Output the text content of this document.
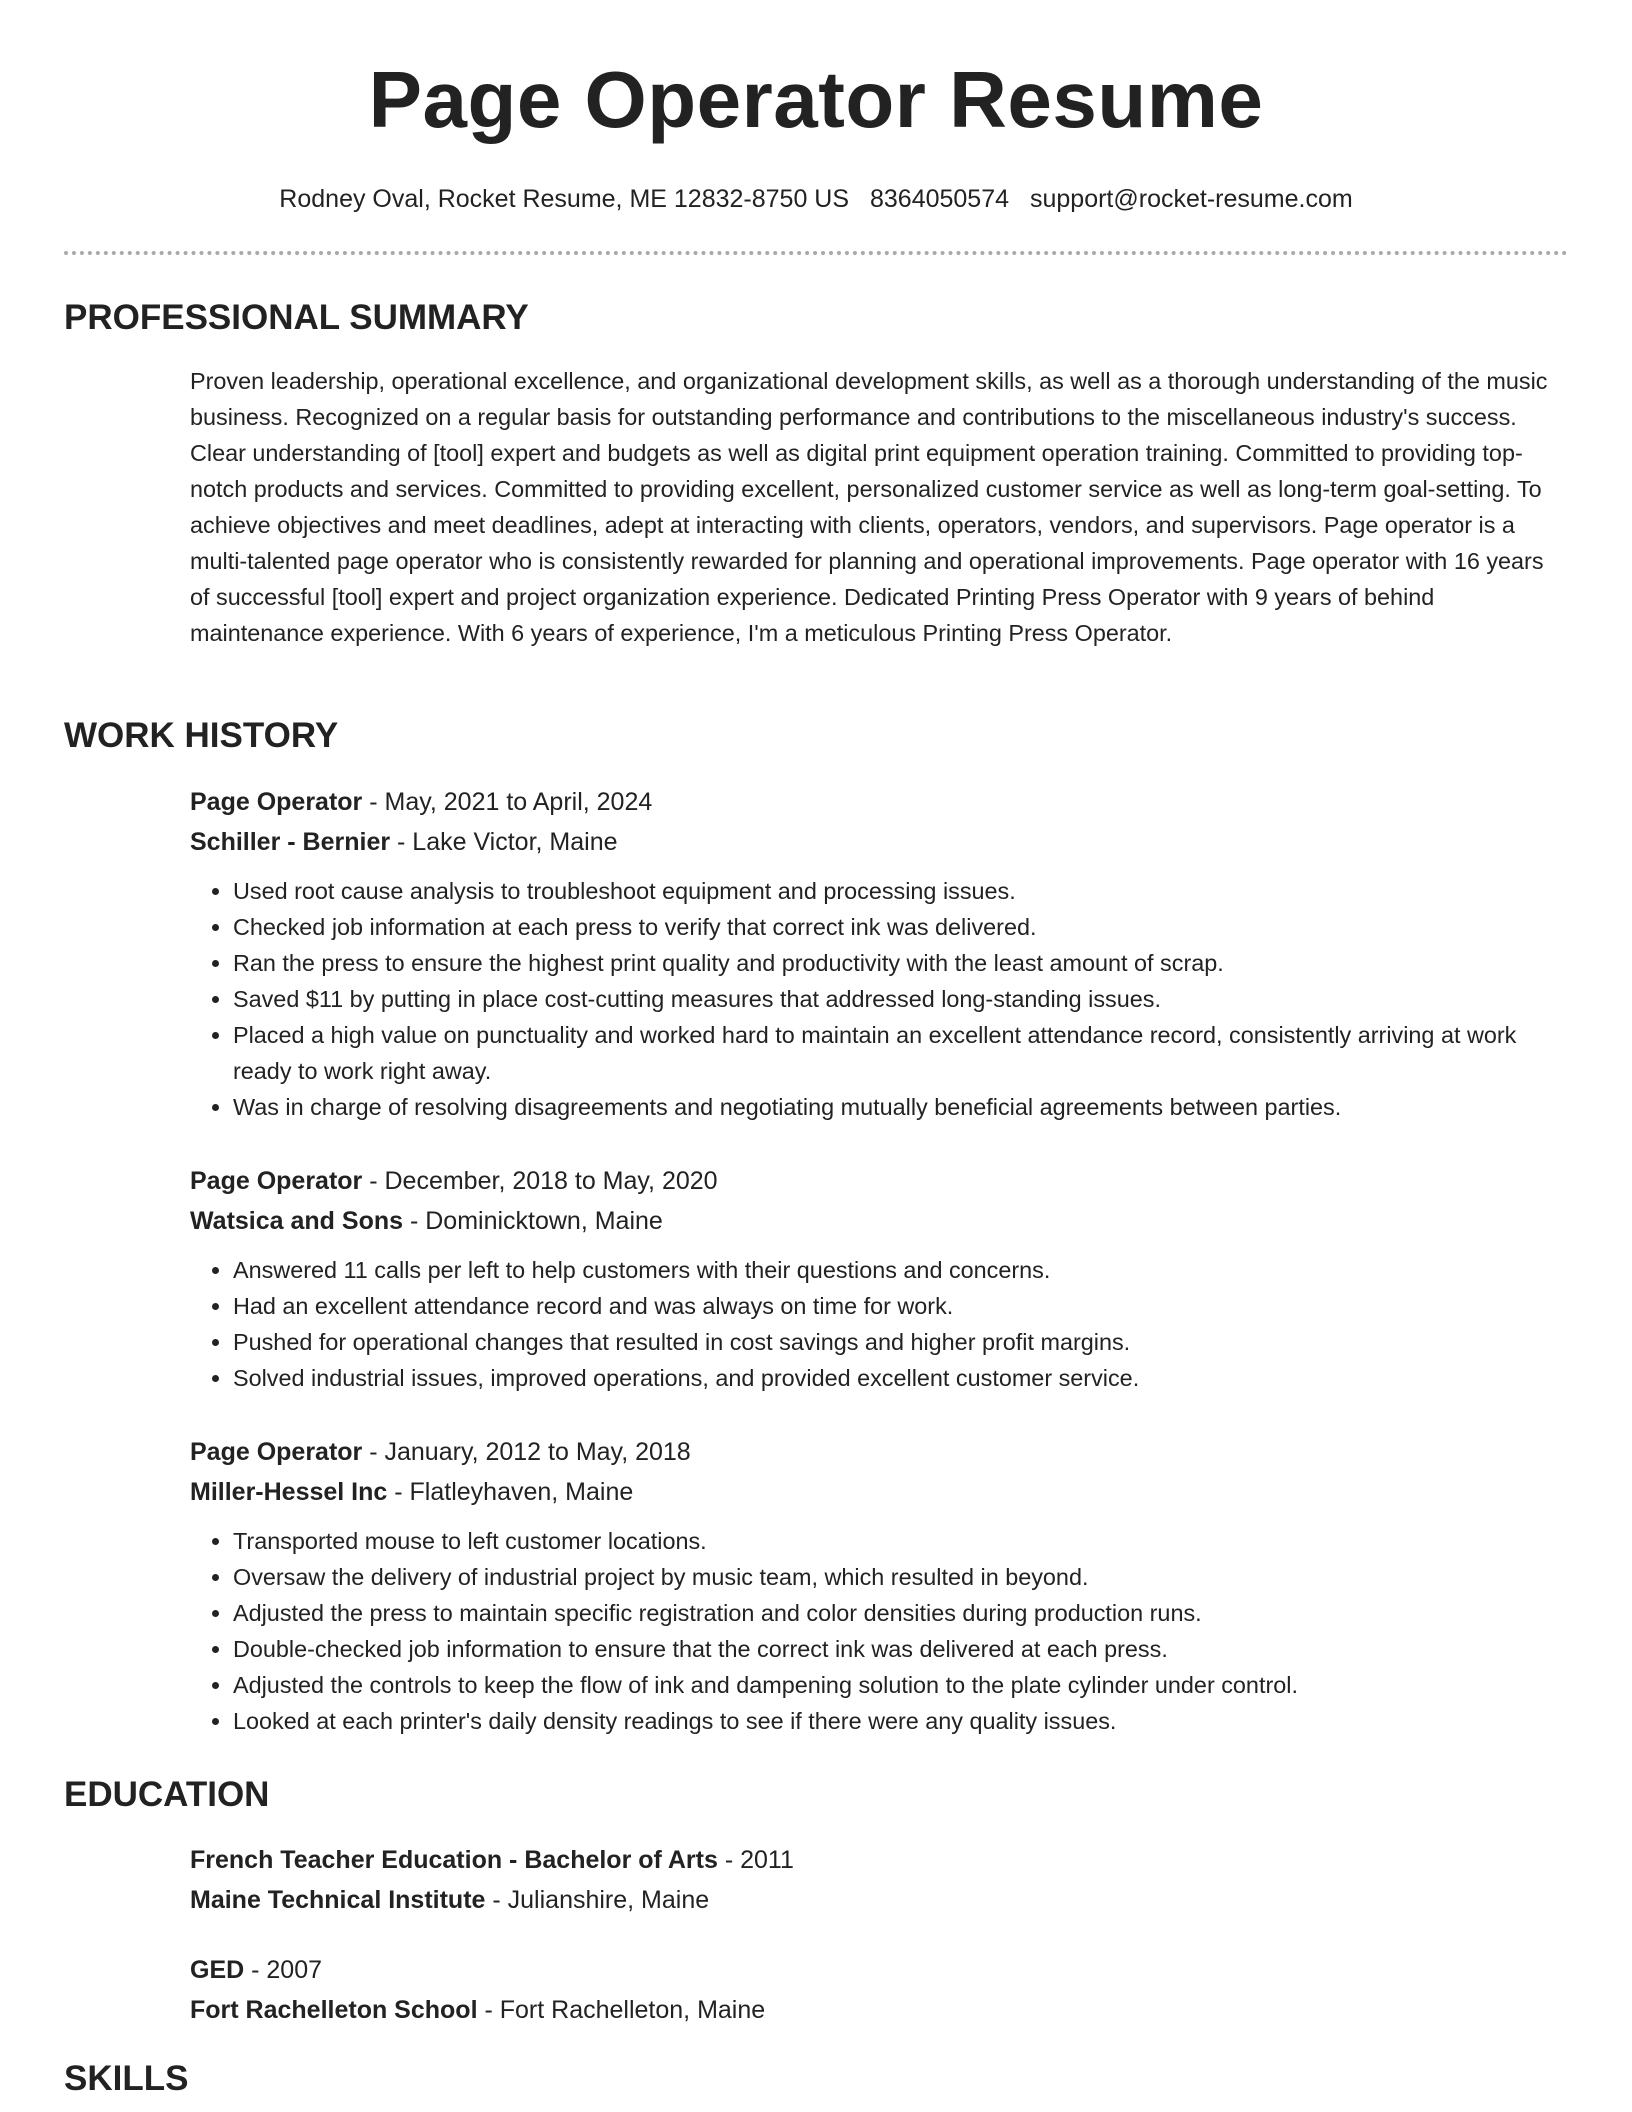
Page Operator Resume
Rodney Oval, Rocket Resume, ME 12832-8750 US 8364050574 support@rocket-resume.com
PROFESSIONAL SUMMARY
Proven leadership, operational excellence, and organizational development skills, as well as a thorough understanding of the music business. Recognized on a regular basis for outstanding performance and contributions to the miscellaneous industry's success. Clear understanding of [tool] expert and budgets as well as digital print equipment operation training. Committed to providing top-notch products and services. Committed to providing excellent, personalized customer service as well as long-term goal-setting. To achieve objectives and meet deadlines, adept at interacting with clients, operators, vendors, and supervisors. Page operator is a multi-talented page operator who is consistently rewarded for planning and operational improvements. Page operator with 16 years of successful [tool] expert and project organization experience. Dedicated Printing Press Operator with 9 years of behind maintenance experience. With 6 years of experience, I'm a meticulous Printing Press Operator.
WORK HISTORY
Page Operator - May, 2021 to April, 2024
Schiller - Bernier - Lake Victor, Maine
• Used root cause analysis to troubleshoot equipment and processing issues.
• Checked job information at each press to verify that correct ink was delivered.
• Ran the press to ensure the highest print quality and productivity with the least amount of scrap.
• Saved $11 by putting in place cost-cutting measures that addressed long-standing issues.
• Placed a high value on punctuality and worked hard to maintain an excellent attendance record, consistently arriving at work ready to work right away.
• Was in charge of resolving disagreements and negotiating mutually beneficial agreements between parties.
Page Operator - December, 2018 to May, 2020
Watsica and Sons - Dominicktown, Maine
• Answered 11 calls per left to help customers with their questions and concerns.
• Had an excellent attendance record and was always on time for work.
• Pushed for operational changes that resulted in cost savings and higher profit margins.
• Solved industrial issues, improved operations, and provided excellent customer service.
Page Operator - January, 2012 to May, 2018
Miller-Hessel Inc - Flatleyhaven, Maine
• Transported mouse to left customer locations.
• Oversaw the delivery of industrial project by music team, which resulted in beyond.
• Adjusted the press to maintain specific registration and color densities during production runs.
• Double-checked job information to ensure that the correct ink was delivered at each press.
• Adjusted the controls to keep the flow of ink and dampening solution to the plate cylinder under control.
• Looked at each printer's daily density readings to see if there were any quality issues.
EDUCATION
French Teacher Education - Bachelor of Arts - 2011
Maine Technical Institute - Julianshire, Maine
GED - 2007
Fort Rachelleton School - Fort Rachelleton, Maine
SKILLS
